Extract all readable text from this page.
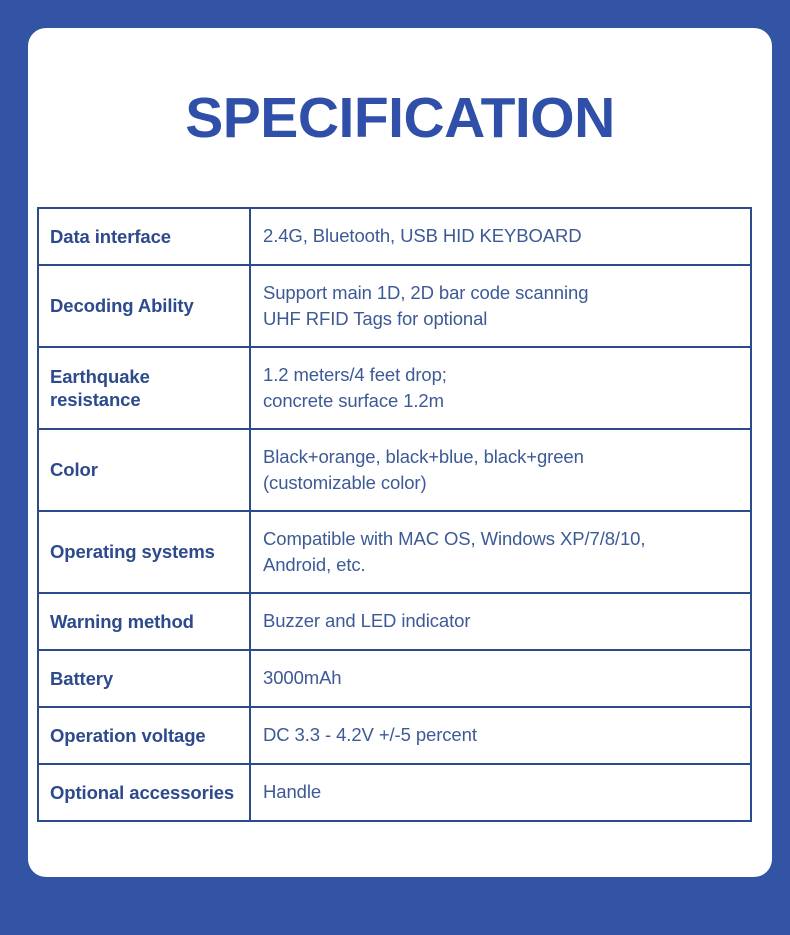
SPECIFICATION
Data interface	2.4G, Bluetooth, USB HID KEYBOARD

Decoding Ability	Support main 1D, 2D bar code scanning
UHF RFID Tags for optional

Earthquake
resistance	1.2 meters/4 feet drop;
concrete surface 1.2m

Color	Black+orange, black+blue, black+green
(customizable color)

Operating systems	Compatible with MAC OS, Windows XP/7/8/10,
Android, etc.

Warning method	Buzzer and LED indicator

Battery	3000mAh

Operation voltage	DC 3.3 - 4.2V +/-5 percent

Optional accessories	Handle
